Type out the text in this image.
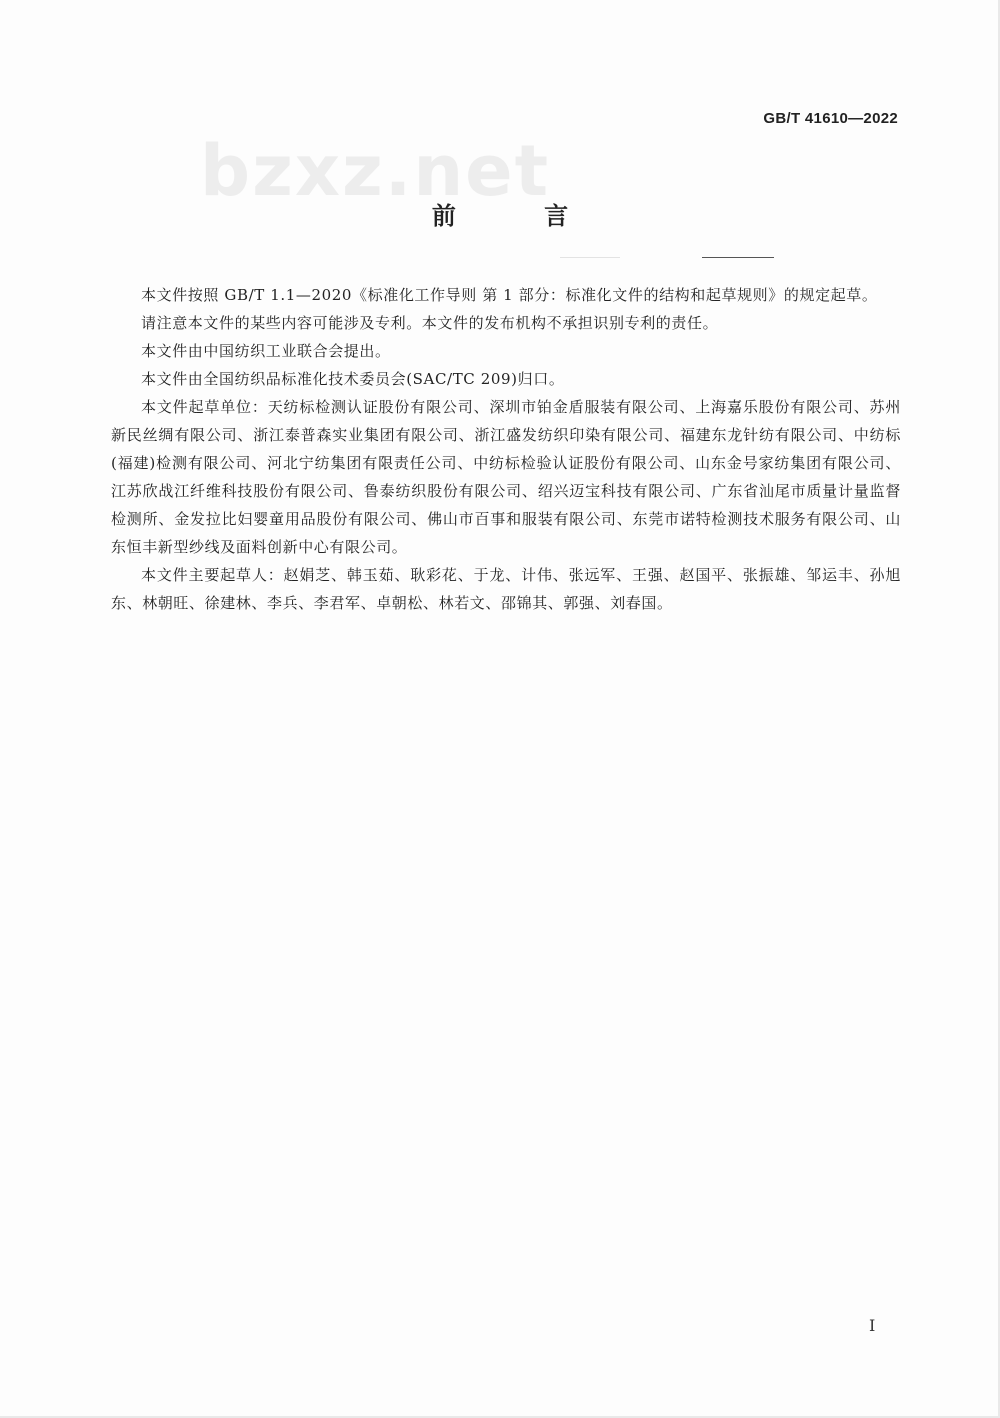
GB/T 41610—2022
bzxz.net
前 言

本文件按照 GB/T 1.1—2020《标准化工作导则 第 1 部分：标准化文件的结构和起草规则》的规定起草。

请注意本文件的某些内容可能涉及专利。本文件的发布机构不承担识别专利的责任。

本文件由中国纺织工业联合会提出。

本文件由全国纺织品标准化技术委员会(SAC/TC 209)归口。

本文件起草单位：天纺标检测认证股份有限公司、深圳市铂金盾服装有限公司、上海嘉乐股份有限公司、苏州新民丝绸有限公司、浙江泰普森实业集团有限公司、浙江盛发纺织印染有限公司、福建东龙针纺有限公司、中纺标(福建)检测有限公司、河北宁纺集团有限责任公司、中纺标检验认证股份有限公司、山东金号家纺集团有限公司、江苏欣战江纤维科技股份有限公司、鲁泰纺织股份有限公司、绍兴迈宝科技有限公司、广东省汕尾市质量计量监督检测所、金发拉比妇婴童用品股份有限公司、佛山市百事和服装有限公司、东莞市诺特检测技术服务有限公司、山东恒丰新型纱线及面料创新中心有限公司。

本文件主要起草人：赵娟芝、韩玉茹、耿彩花、于龙、计伟、张远军、王强、赵国平、张振雄、邹运丰、孙旭东、林朝旺、徐建林、李兵、李君军、卓朝松、林若文、邵锦其、郭强、刘春国。

I
